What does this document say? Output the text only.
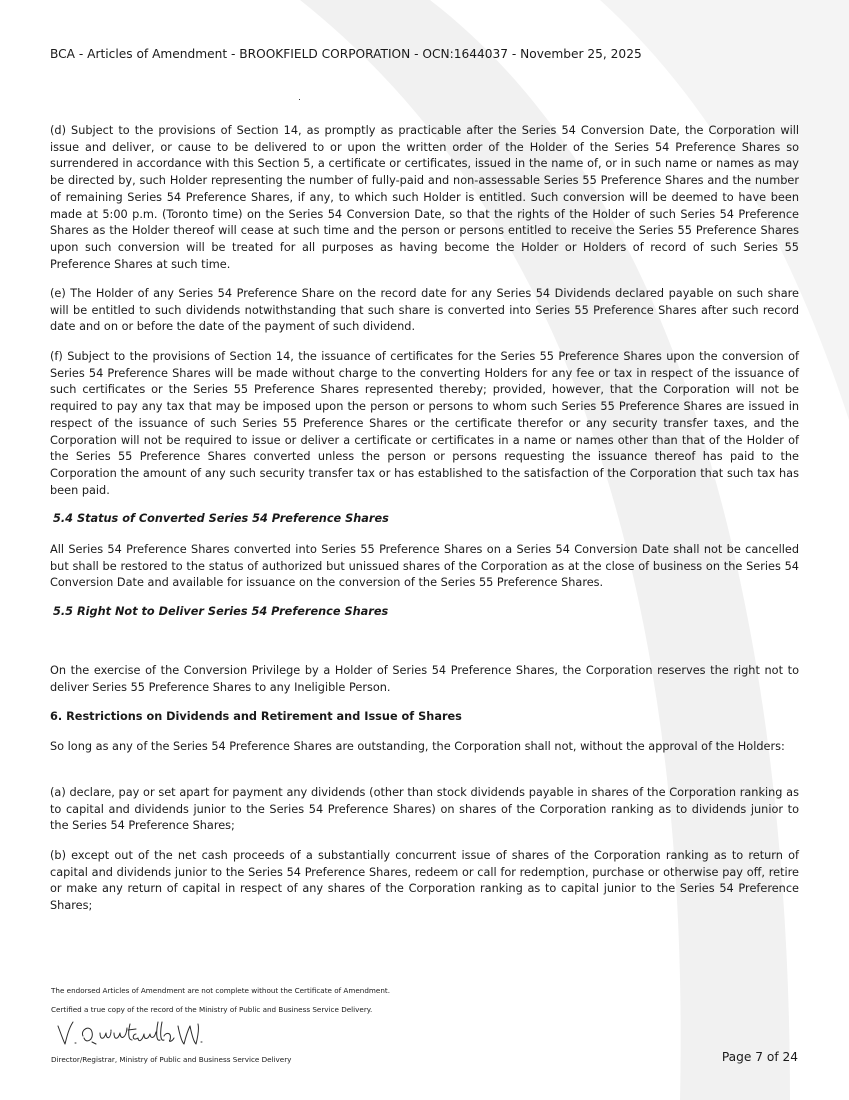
BCA - Articles of Amendment - BROOKFIELD CORPORATION - OCN:1644037 - November 25, 2025

(d) Subject to the provisions of Section 14, as promptly as practicable after the Series 54 Conversion Date, the Corporation will issue and deliver, or cause to be delivered to or upon the written order of the Holder of the Series 54 Preference Shares so surrendered in accordance with this Section 5, a certificate or certificates, issued in the name of, or in such name or names as may be directed by, such Holder representing the number of fully-paid and non-assessable Series 55 Preference Shares and the number of remaining Series 54 Preference Shares, if any, to which such Holder is entitled. Such conversion will be deemed to have been made at 5:00 p.m. (Toronto time) on the Series 54 Conversion Date, so that the rights of the Holder of such Series 54 Preference Shares as the Holder thereof will cease at such time and the person or persons entitled to receive the Series 55 Preference Shares upon such conversion will be treated for all purposes as having become the Holder or Holders of record of such Series 55 Preference Shares at such time.

(e) The Holder of any Series 54 Preference Share on the record date for any Series 54 Dividends declared payable on such share will be entitled to such dividends notwithstanding that such share is converted into Series 55 Preference Shares after such record date and on or before the date of the payment of such dividend.

(f) Subject to the provisions of Section 14, the issuance of certificates for the Series 55 Preference Shares upon the conversion of Series 54 Preference Shares will be made without charge to the converting Holders for any fee or tax in respect of the issuance of such certificates or the Series 55 Preference Shares represented thereby; provided, however, that the Corporation will not be required to pay any tax that may be imposed upon the person or persons to whom such Series 55 Preference Shares are issued in respect of the issuance of such Series 55 Preference Shares or the certificate therefor or any security transfer taxes, and the Corporation will not be required to issue or deliver a certificate or certificates in a name or names other than that of the Holder of the Series 55 Preference Shares converted unless the person or persons requesting the issuance thereof has paid to the Corporation the amount of any such security transfer tax or has established to the satisfaction of the Corporation that such tax has been paid.

5.4 Status of Converted Series 54 Preference Shares

All Series 54 Preference Shares converted into Series 55 Preference Shares on a Series 54 Conversion Date shall not be cancelled but shall be restored to the status of authorized but unissued shares of the Corporation as at the close of business on the Series 54 Conversion Date and available for issuance on the conversion of the Series 55 Preference Shares.

5.5 Right Not to Deliver Series 54 Preference Shares

On the exercise of the Conversion Privilege by a Holder of Series 54 Preference Shares, the Corporation reserves the right not to deliver Series 55 Preference Shares to any Ineligible Person.

6. Restrictions on Dividends and Retirement and Issue of Shares

So long as any of the Series 54 Preference Shares are outstanding, the Corporation shall not, without the approval of the Holders:

(a) declare, pay or set apart for payment any dividends (other than stock dividends payable in shares of the Corporation ranking as to capital and dividends junior to the Series 54 Preference Shares) on shares of the Corporation ranking as to dividends junior to the Series 54 Preference Shares;

(b) except out of the net cash proceeds of a substantially concurrent issue of shares of the Corporation ranking as to return of capital and dividends junior to the Series 54 Preference Shares, redeem or call for redemption, purchase or otherwise pay off, retire or make any return of capital in respect of any shares of the Corporation ranking as to capital junior to the Series 54 Preference Shares;

The endorsed Articles of Amendment are not complete without the Certificate of Amendment.
Certified a true copy of the record of the Ministry of Public and Business Service Delivery.
Director/Registrar, Ministry of Public and Business Service Delivery	Page 7 of 24
